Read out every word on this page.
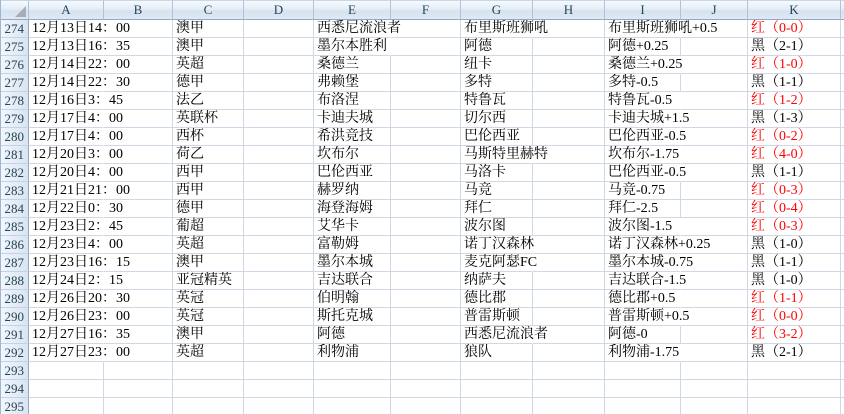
	A	B	C	D	E	F	G	H	I	J	K	
274	12月13日14：00		澳甲		西悉尼流浪者		布里斯班狮吼		布里斯班狮吼+0.5		红（0-0）	
275	12月13日16：35		澳甲		墨尔本胜利		阿德		阿德+0.25		黑（2-1）	
276	12月14日22：00		英超		桑德兰		纽卡		桑德兰+0.25		红（1-0）	
277	12月14日22：30		德甲		弗赖堡		多特		多特-0.5		黑（1-1）	
278	12月16日3：45		法乙		布洛涅		特鲁瓦		特鲁瓦-0.5		红（1-2）	
279	12月17日4：00		英联杯		卡迪夫城		切尔西		卡迪夫城+1.5		黑（1-3）	
280	12月17日4：00		西杯		希洪竞技		巴伦西亚		巴伦西亚-0.5		红（0-2）	
281	12月20日3：00		荷乙		坎布尔		马斯特里赫特		坎布尔-1.75		红（4-0）	
282	12月20日4：00		西甲		巴伦西亚		马洛卡		巴伦西亚-0.5		黑（1-1）	
283	12月21日21：00		西甲		赫罗纳		马竞		马竞-0.75		红（0-3）	
284	12月22日0：30		德甲		海登海姆		拜仁		拜仁-2.5		红（0-4）	
285	12月23日2：45		葡超		艾华卡		波尔图		波尔图-1.5		红（0-3）	
286	12月23日4：00		英超		富勒姆		诺丁汉森林		诺丁汉森林+0.25		黑（1-0）	
287	12月23日16：15		澳甲		墨尔本城		麦克阿瑟FC		墨尔本城-0.75		黑（1-1）	
288	12月24日2：15		亚冠精英		吉达联合		纳萨夫		吉达联合-1.5		黑（1-0）	
289	12月26日20：30		英冠		伯明翰		德比郡		德比郡+0.5		红（1-1）	
290	12月26日23：00		英冠		斯托克城		普雷斯顿		普雷斯顿+0.5		红（0-0）	
291	12月27日16：35		澳甲		阿德		西悉尼流浪者		阿德-0		红（3-2）	
292	12月27日23：00		英超		利物浦		狼队		利物浦-1.75		黑（2-1）	
293												
294												
295												
